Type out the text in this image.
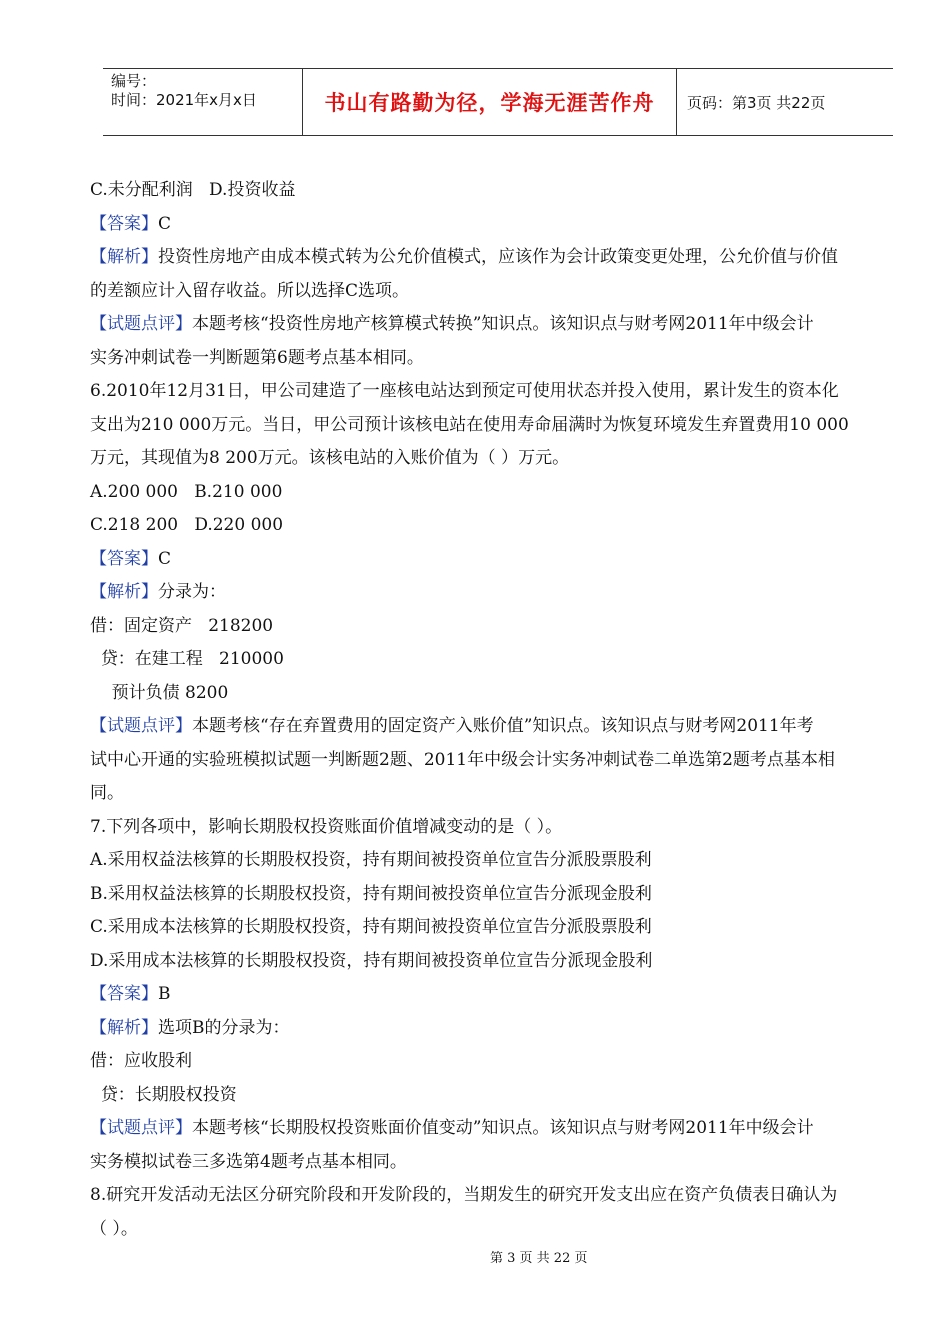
编号：
时间：2021年x月x日	书山有路勤为径，学海无涯苦作舟	页码：第3页 共22页

C.未分配利润   D.投资收益

【答案】C

【解析】投资性房地产由成本模式转为公允价值模式，应该作为会计政策变更处理，公允价值与价值

的差额应计入留存收益。所以选择C选项。

【试题点评】本题考核“投资性房地产核算模式转换”知识点。该知识点与财考网2011年中级会计

实务冲刺试卷一判断题第6题考点基本相同。

6.2010年12月31日，甲公司建造了一座核电站达到预定可使用状态并投入使用，累计发生的资本化

支出为210 000万元。当日，甲公司预计该核电站在使用寿命届满时为恢复环境发生弃置费用10 000

万元，其现值为8 200万元。该核电站的入账价值为（ ）万元。

A.200 000   B.210 000

C.218 200   D.220 000

【答案】C

【解析】分录为：

借：固定资产   218200

贷：在建工程   210000

预计负债 8200

【试题点评】本题考核“存在弃置费用的固定资产入账价值”知识点。该知识点与财考网2011年考

试中心开通的实验班模拟试题一判断题2题、2011年中级会计实务冲刺试卷二单选第2题考点基本相

同。

7.下列各项中，影响长期股权投资账面价值增减变动的是（ ）。

A.采用权益法核算的长期股权投资，持有期间被投资单位宣告分派股票股利

B.采用权益法核算的长期股权投资，持有期间被投资单位宣告分派现金股利

C.采用成本法核算的长期股权投资，持有期间被投资单位宣告分派股票股利

D.采用成本法核算的长期股权投资，持有期间被投资单位宣告分派现金股利

【答案】B

【解析】选项B的分录为：

借：应收股利

贷：长期股权投资

【试题点评】本题考核“长期股权投资账面价值变动”知识点。该知识点与财考网2011年中级会计

实务模拟试卷三多选第4题考点基本相同。

8.研究开发活动无法区分研究阶段和开发阶段的，当期发生的研究开发支出应在资产负债表日确认为

（ ）。

第 3 页 共 22 页
